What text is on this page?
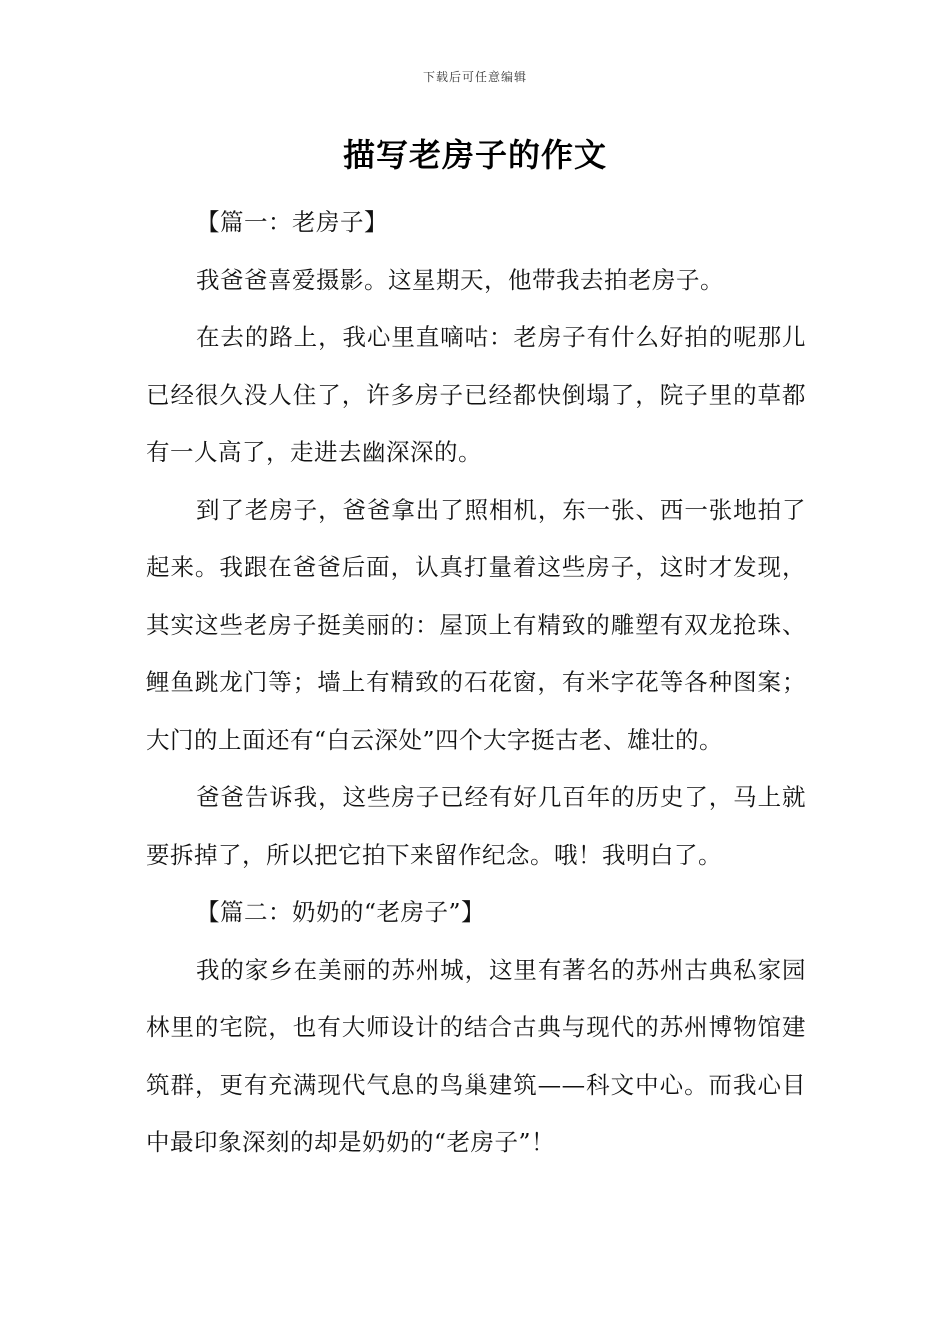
下载后可任意编辑
描写老房子的作文

【篇一：老房子】

我爸爸喜爱摄影。这星期天，他带我去拍老房子。

在去的路上，我心里直嘀咕：老房子有什么好拍的呢那儿已经很久没人住了，许多房子已经都快倒塌了，院子里的草都有一人高了，走进去幽深深的。

到了老房子，爸爸拿出了照相机，东一张、西一张地拍了起来。我跟在爸爸后面，认真打量着这些房子，这时才发现，其实这些老房子挺美丽的：屋顶上有精致的雕塑有双龙抢珠、鲤鱼跳龙门等；墙上有精致的石花窗，有米字花等各种图案；大门的上面还有“白云深处”四个大字挺古老、雄壮的。

爸爸告诉我，这些房子已经有好几百年的历史了，马上就要拆掉了，所以把它拍下来留作纪念。哦！我明白了。

【篇二：奶奶的“老房子”】

我的家乡在美丽的苏州城，这里有著名的苏州古典私家园林里的宅院，也有大师设计的结合古典与现代的苏州博物馆建筑群，更有充满现代气息的鸟巢建筑——科文中心。而我心目中最印象深刻的却是奶奶的“老房子”！
